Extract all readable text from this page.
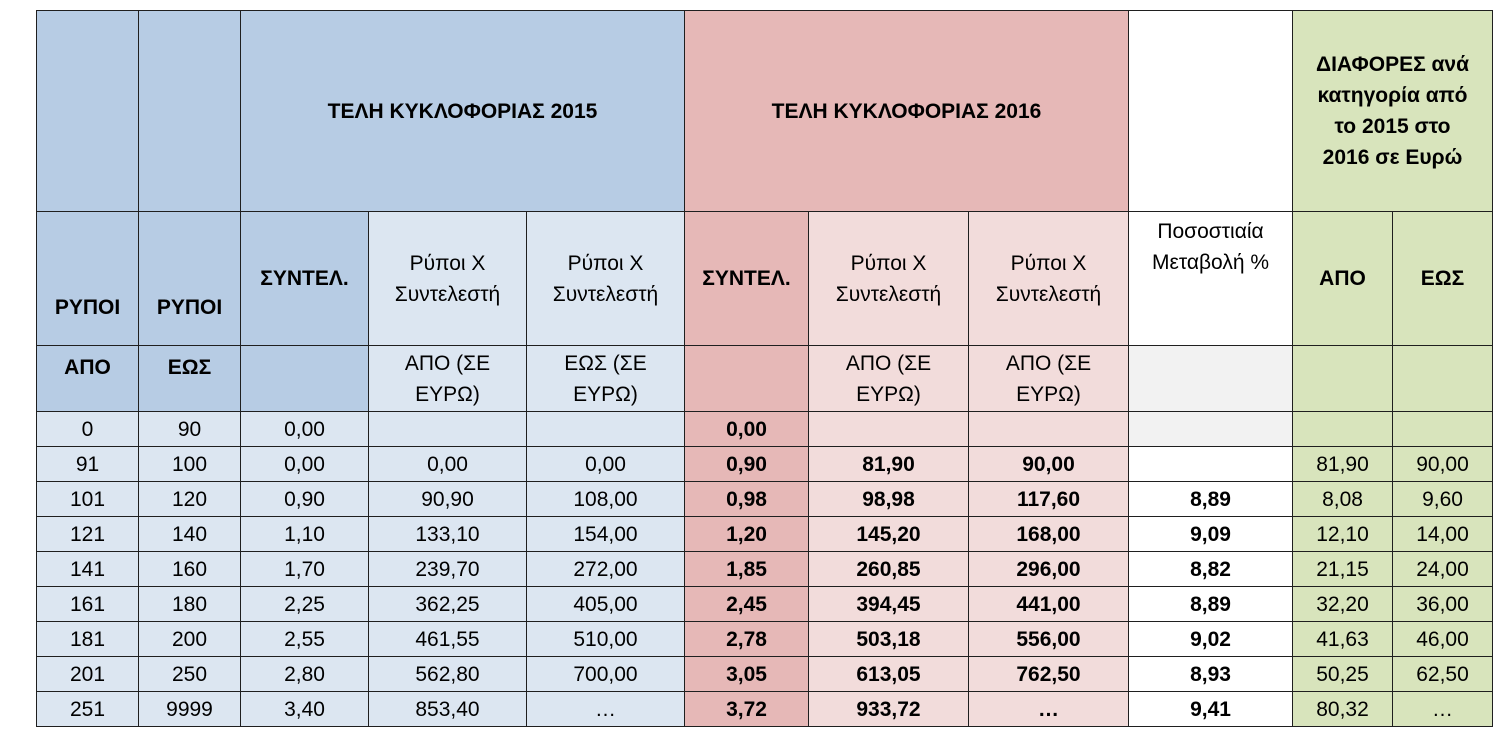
		ΤΕΛΗ ΚΥΚΛΟΦΟΡΙΑΣ 2015			ΤΕΛΗ ΚΥΚΛΟΦΟΡΙΑΣ 2016				ΔΙΑΦΟΡΕΣ ανά κατηγορία από το 2015 στο 2016 σε Ευρώ	
ΡΥΠΟΙ	ΡΥΠΟΙ	ΣΥΝΤΕΛ.	Ρύποι Χ Συντελεστή	Ρύποι Χ Συντελεστή	ΣΥΝΤΕΛ.	Ρύποι Χ Συντελεστή	Ρύποι Χ Συντελεστή	Ποσοστιαία Μεταβολή %	ΑΠΟ	ΕΩΣ
ΑΠΟ	ΕΩΣ		ΑΠΟ (ΣΕ ΕΥΡΩ)	ΕΩΣ (ΣΕ ΕΥΡΩ)		ΑΠΟ (ΣΕ ΕΥΡΩ)	ΑΠΟ (ΣΕ ΕΥΡΩ)			
0	90	0,00			0,00					
91	100	0,00	0,00	0,00	0,90	81,90	90,00		81,90	90,00
101	120	0,90	90,90	108,00	0,98	98,98	117,60	8,89	8,08	9,60
121	140	1,10	133,10	154,00	1,20	145,20	168,00	9,09	12,10	14,00
141	160	1,70	239,70	272,00	1,85	260,85	296,00	8,82	21,15	24,00
161	180	2,25	362,25	405,00	2,45	394,45	441,00	8,89	32,20	36,00
181	200	2,55	461,55	510,00	2,78	503,18	556,00	9,02	41,63	46,00
201	250	2,80	562,80	700,00	3,05	613,05	762,50	8,93	50,25	62,50
251	9999	3,40	853,40	…	3,72	933,72	…	9,41	80,32	…
